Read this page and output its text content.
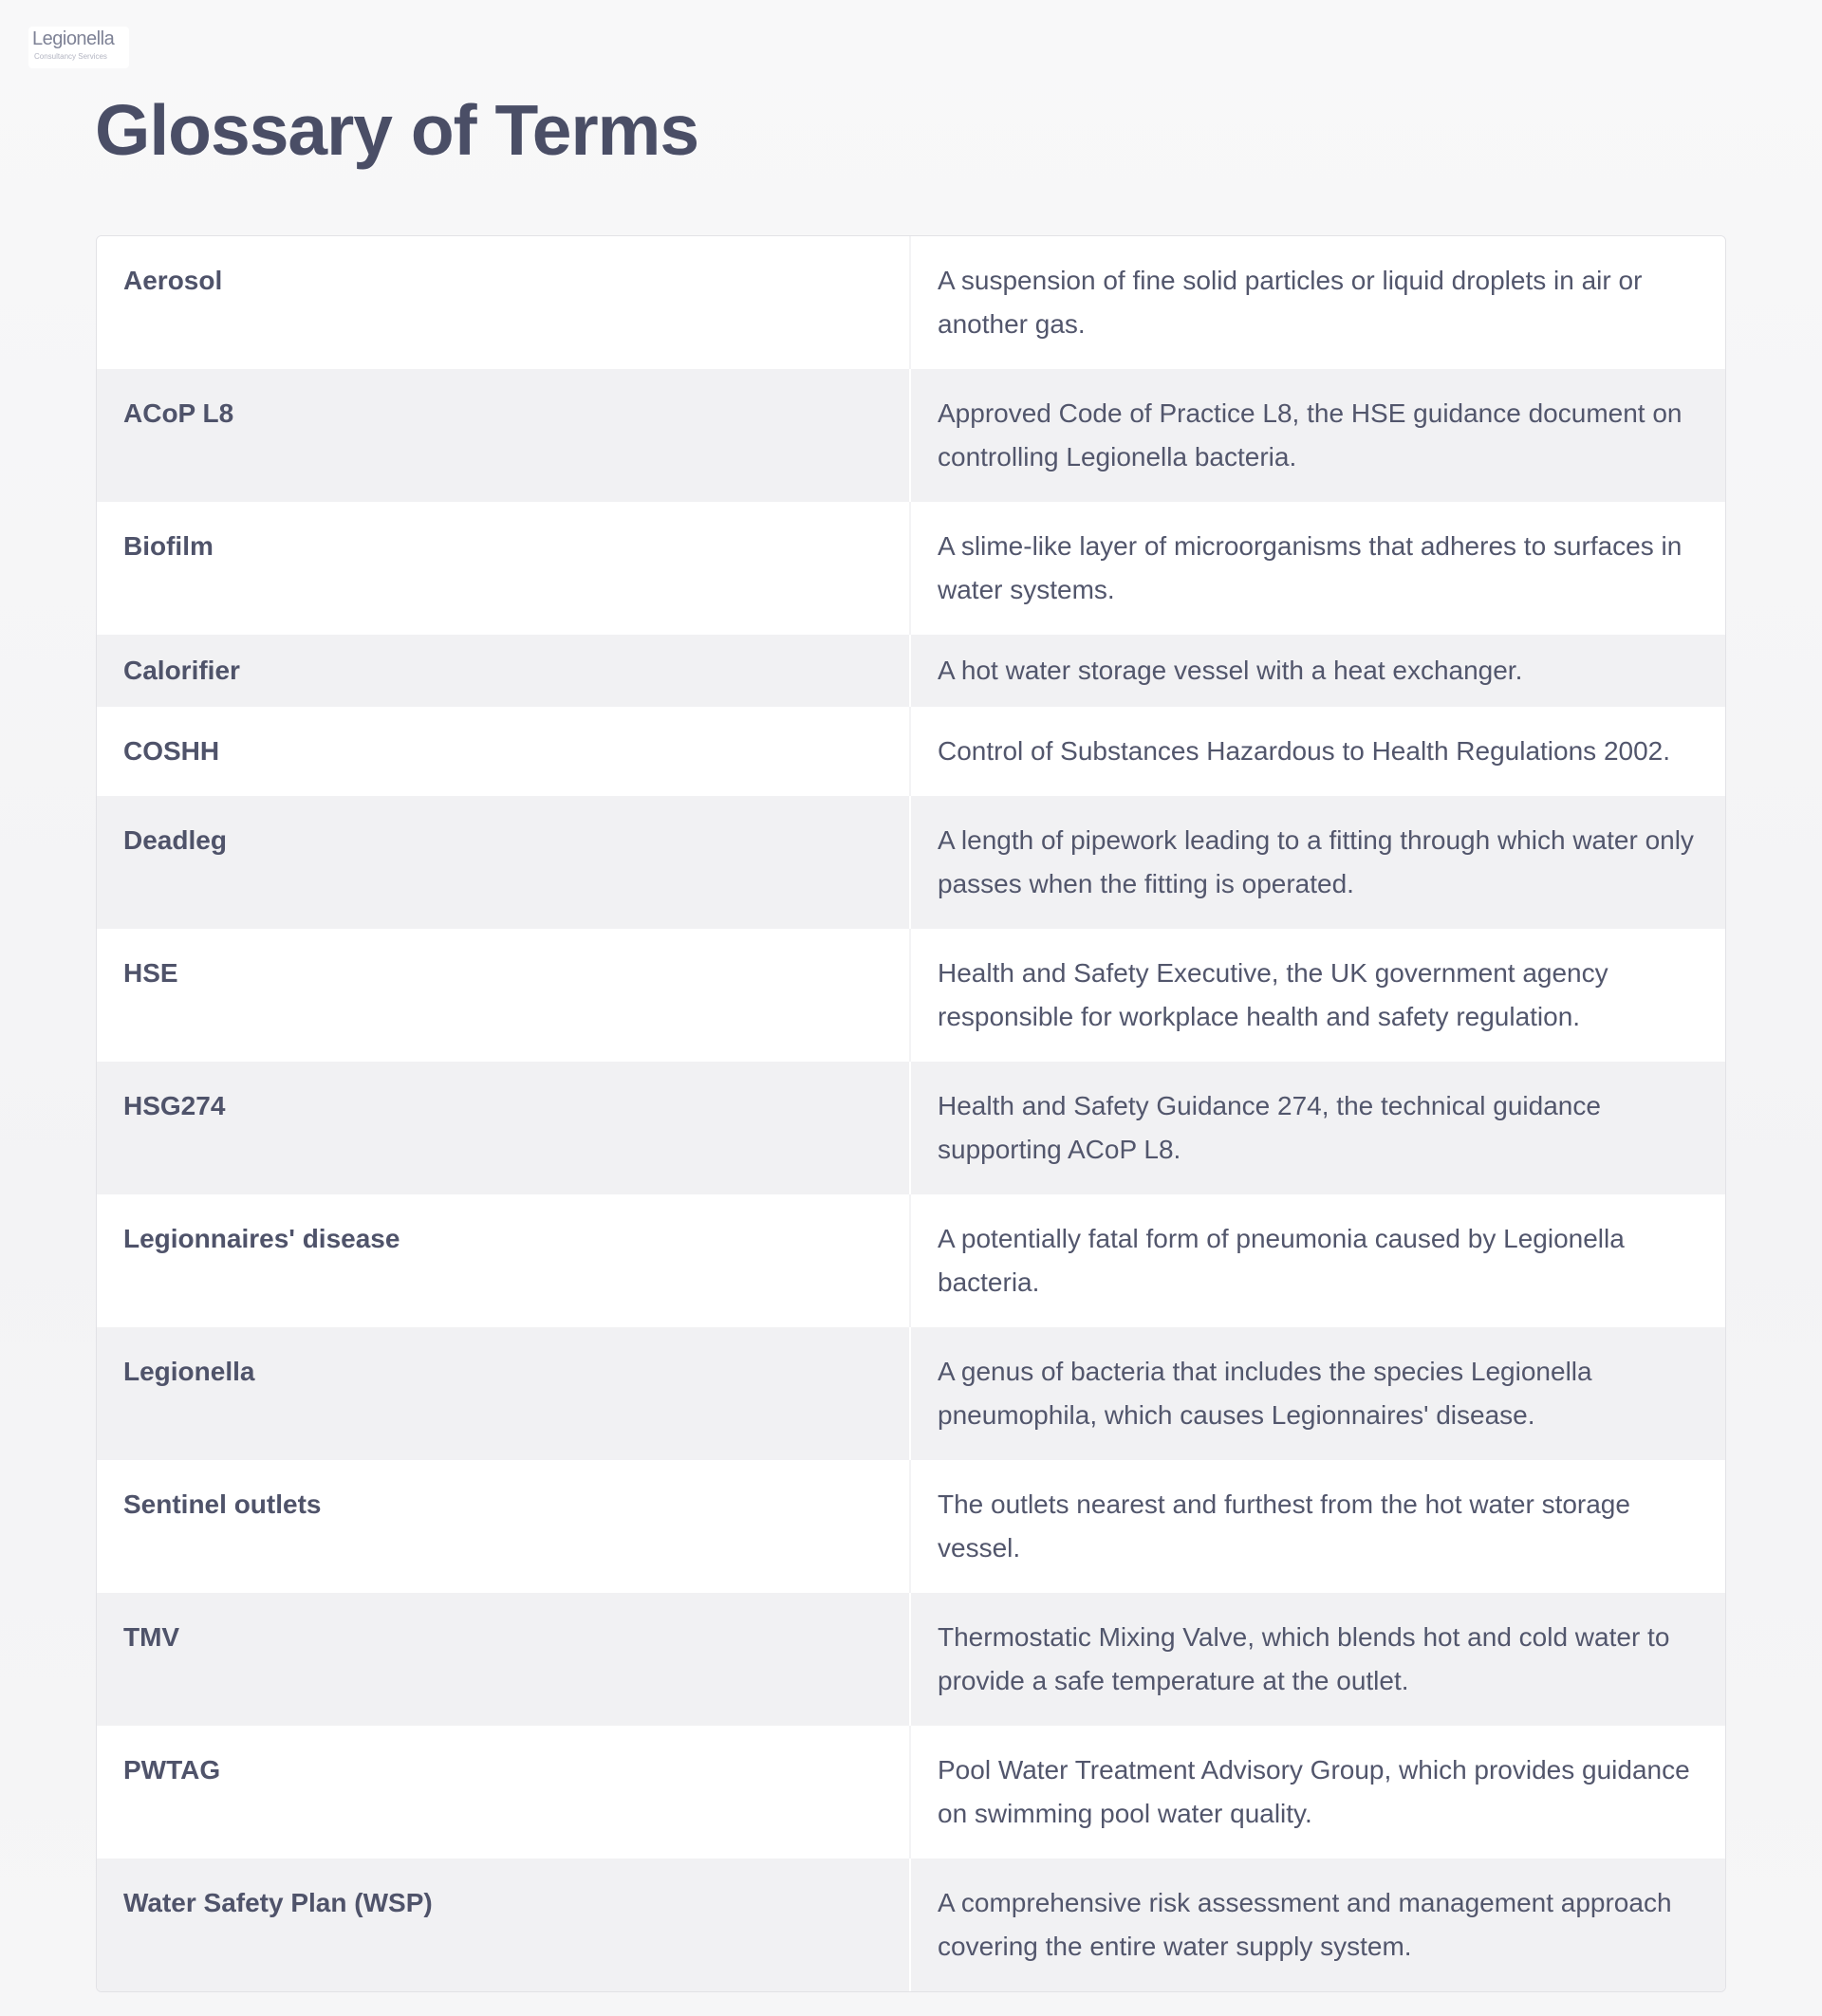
Legionella
Consultancy Services
Glossary of Terms
Aerosol	A suspension of fine solid particles or liquid droplets in air or another gas.
ACoP L8	Approved Code of Practice L8, the HSE guidance document on controlling Legionella bacteria.
Biofilm	A slime-like layer of microorganisms that adheres to surfaces in water systems.
Calorifier	A hot water storage vessel with a heat exchanger.
COSHH	Control of Substances Hazardous to Health Regulations 2002.
Deadleg	A length of pipework leading to a fitting through which water only passes when the fitting is operated.
HSE	Health and Safety Executive, the UK government agency responsible for workplace health and safety regulation.
HSG274	Health and Safety Guidance 274, the technical guidance supporting ACoP L8.
Legionnaires' disease	A potentially fatal form of pneumonia caused by Legionella bacteria.
Legionella	A genus of bacteria that includes the species Legionella pneumophila, which causes Legionnaires' disease.
Sentinel outlets	The outlets nearest and furthest from the hot water storage vessel.
TMV	Thermostatic Mixing Valve, which blends hot and cold water to provide a safe temperature at the outlet.
PWTAG	Pool Water Treatment Advisory Group, which provides guidance on swimming pool water quality.
Water Safety Plan (WSP)	A comprehensive risk assessment and management approach covering the entire water supply system.
